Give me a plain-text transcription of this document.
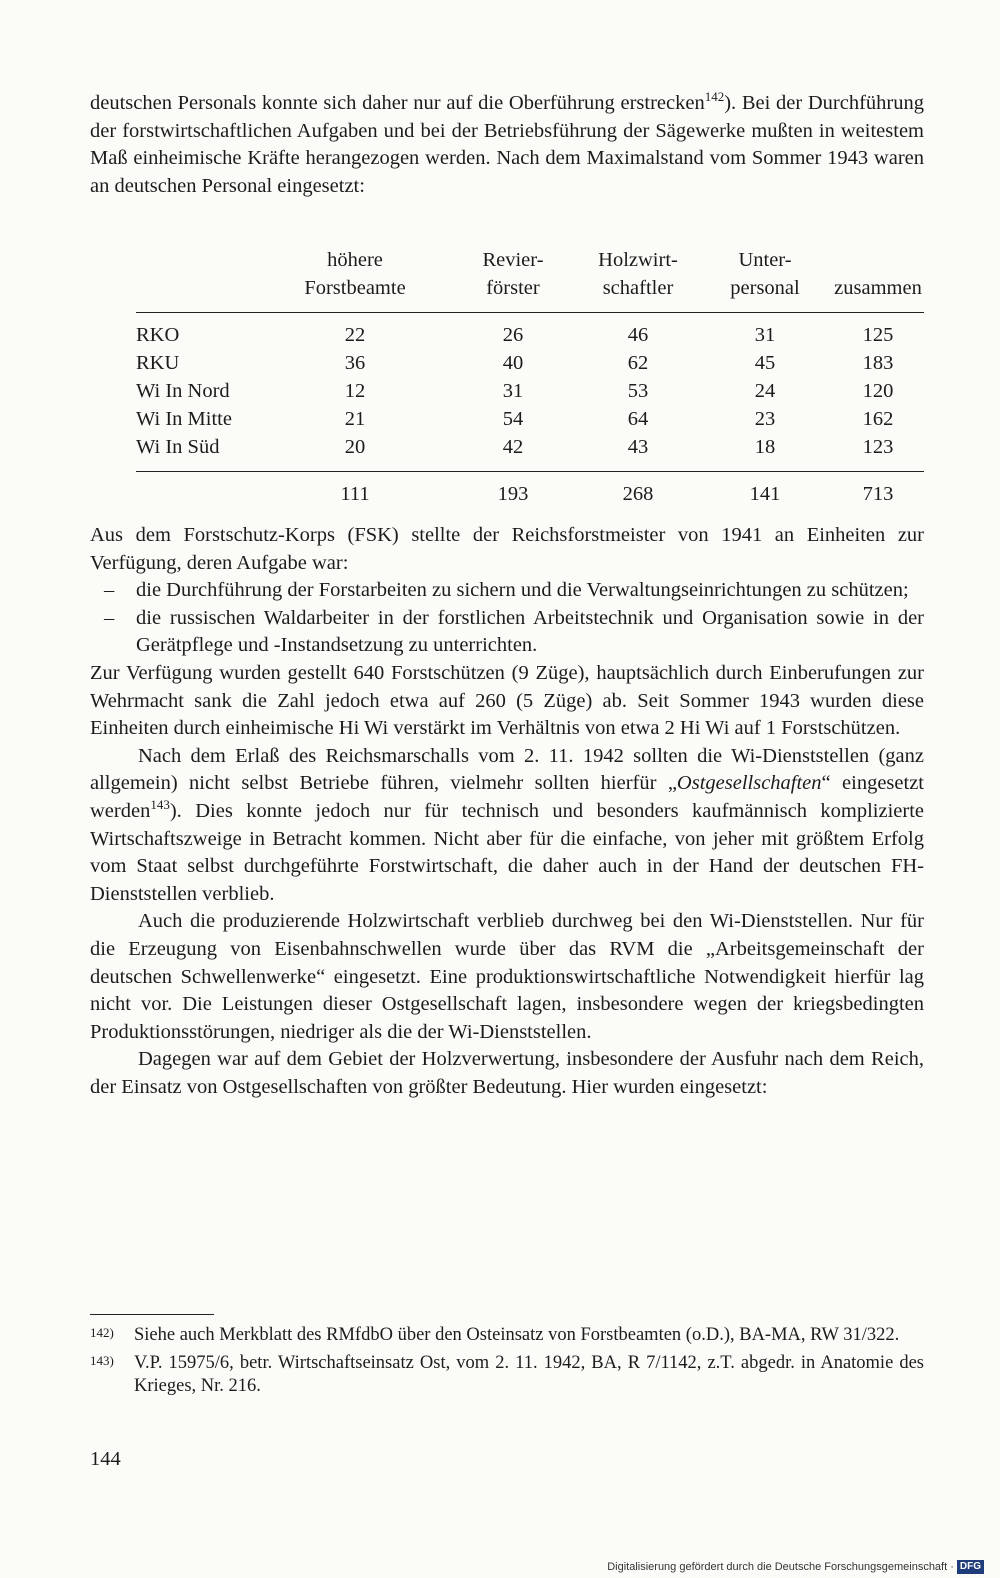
deutschen Personals konnte sich daher nur auf die Oberführung erstrecken$^{142}$). Bei der Durchführung der forstwirtschaftlichen Aufgaben und bei der Betriebsführung der Sägewerke mußten in weitestem Maß einheimische Kräfte herangezogen werden. Nach dem Maximalstand vom Sommer 1943 waren an deutschen Personal eingesetzt:

	höhere	Revier-	Holzwirt-	Unter-	
	Forstbeamte	förster	schaftler	personal	zusammen
RKO	22	26	46	31	125
RKU	36	40	62	45	183
Wi In Nord	12	31	53	24	120
Wi In Mitte	21	54	64	23	162
Wi In Süd	20	42	43	18	123
	111	193	268	141	713

Aus dem Forstschutz-Korps (FSK) stellte der Reichsforstmeister von 1941 an Einheiten zur Verfügung, deren Aufgabe war:

– die Durchführung der Forstarbeiten zu sichern und die Verwaltungseinrichtungen zu schützen;
– die russischen Waldarbeiter in der forstlichen Arbeitstechnik und Organisation sowie in der Gerätpflege und -Instandsetzung zu unterrichten.

Zur Verfügung wurden gestellt 640 Forstschützen (9 Züge), hauptsächlich durch Einberufungen zur Wehrmacht sank die Zahl jedoch etwa auf 260 (5 Züge) ab. Seit Sommer 1943 wurden diese Einheiten durch einheimische Hi Wi verstärkt im Verhältnis von etwa 2 Hi Wi auf 1 Forstschützen.

Nach dem Erlaß des Reichsmarschalls vom 2. 11. 1942 sollten die Wi-Dienststellen (ganz allgemein) nicht selbst Betriebe führen, vielmehr sollten hierfür „Ostgesellschaften“ eingesetzt werden$^{143}$). Dies konnte jedoch nur für technisch und besonders kaufmännisch komplizierte Wirtschaftszweige in Betracht kommen. Nicht aber für die einfache, von jeher mit größtem Erfolg vom Staat selbst durchgeführte Forstwirtschaft, die daher auch in der Hand der deutschen FH-Dienststellen verblieb.

Auch die produzierende Holzwirtschaft verblieb durchweg bei den Wi-Dienststellen. Nur für die Erzeugung von Eisenbahnschwellen wurde über das RVM die „Arbeitsgemeinschaft der deutschen Schwellenwerke“ eingesetzt. Eine produktionswirtschaftliche Notwendigkeit hierfür lag nicht vor. Die Leistungen dieser Ostgesellschaft lagen, insbesondere wegen der kriegsbedingten Produktionsstörungen, niedriger als die der Wi-Dienststellen.

Dagegen war auf dem Gebiet der Holzverwertung, insbesondere der Ausfuhr nach dem Reich, der Einsatz von Ostgesellschaften von größter Bedeutung. Hier wurden eingesetzt:

142) Siehe auch Merkblatt des RMfdbO über den Osteinsatz von Forstbeamten (o.D.), BA-MA, RW 31/322.
143) V.P. 15975/6, betr. Wirtschaftseinsatz Ost, vom 2. 11. 1942, BA, R 7/1142, z.T. abgedr. in Anatomie des Krieges, Nr. 216.
144
Digitalisierung gefördert durch die Deutsche Forschungsgemeinschaft · DFG
